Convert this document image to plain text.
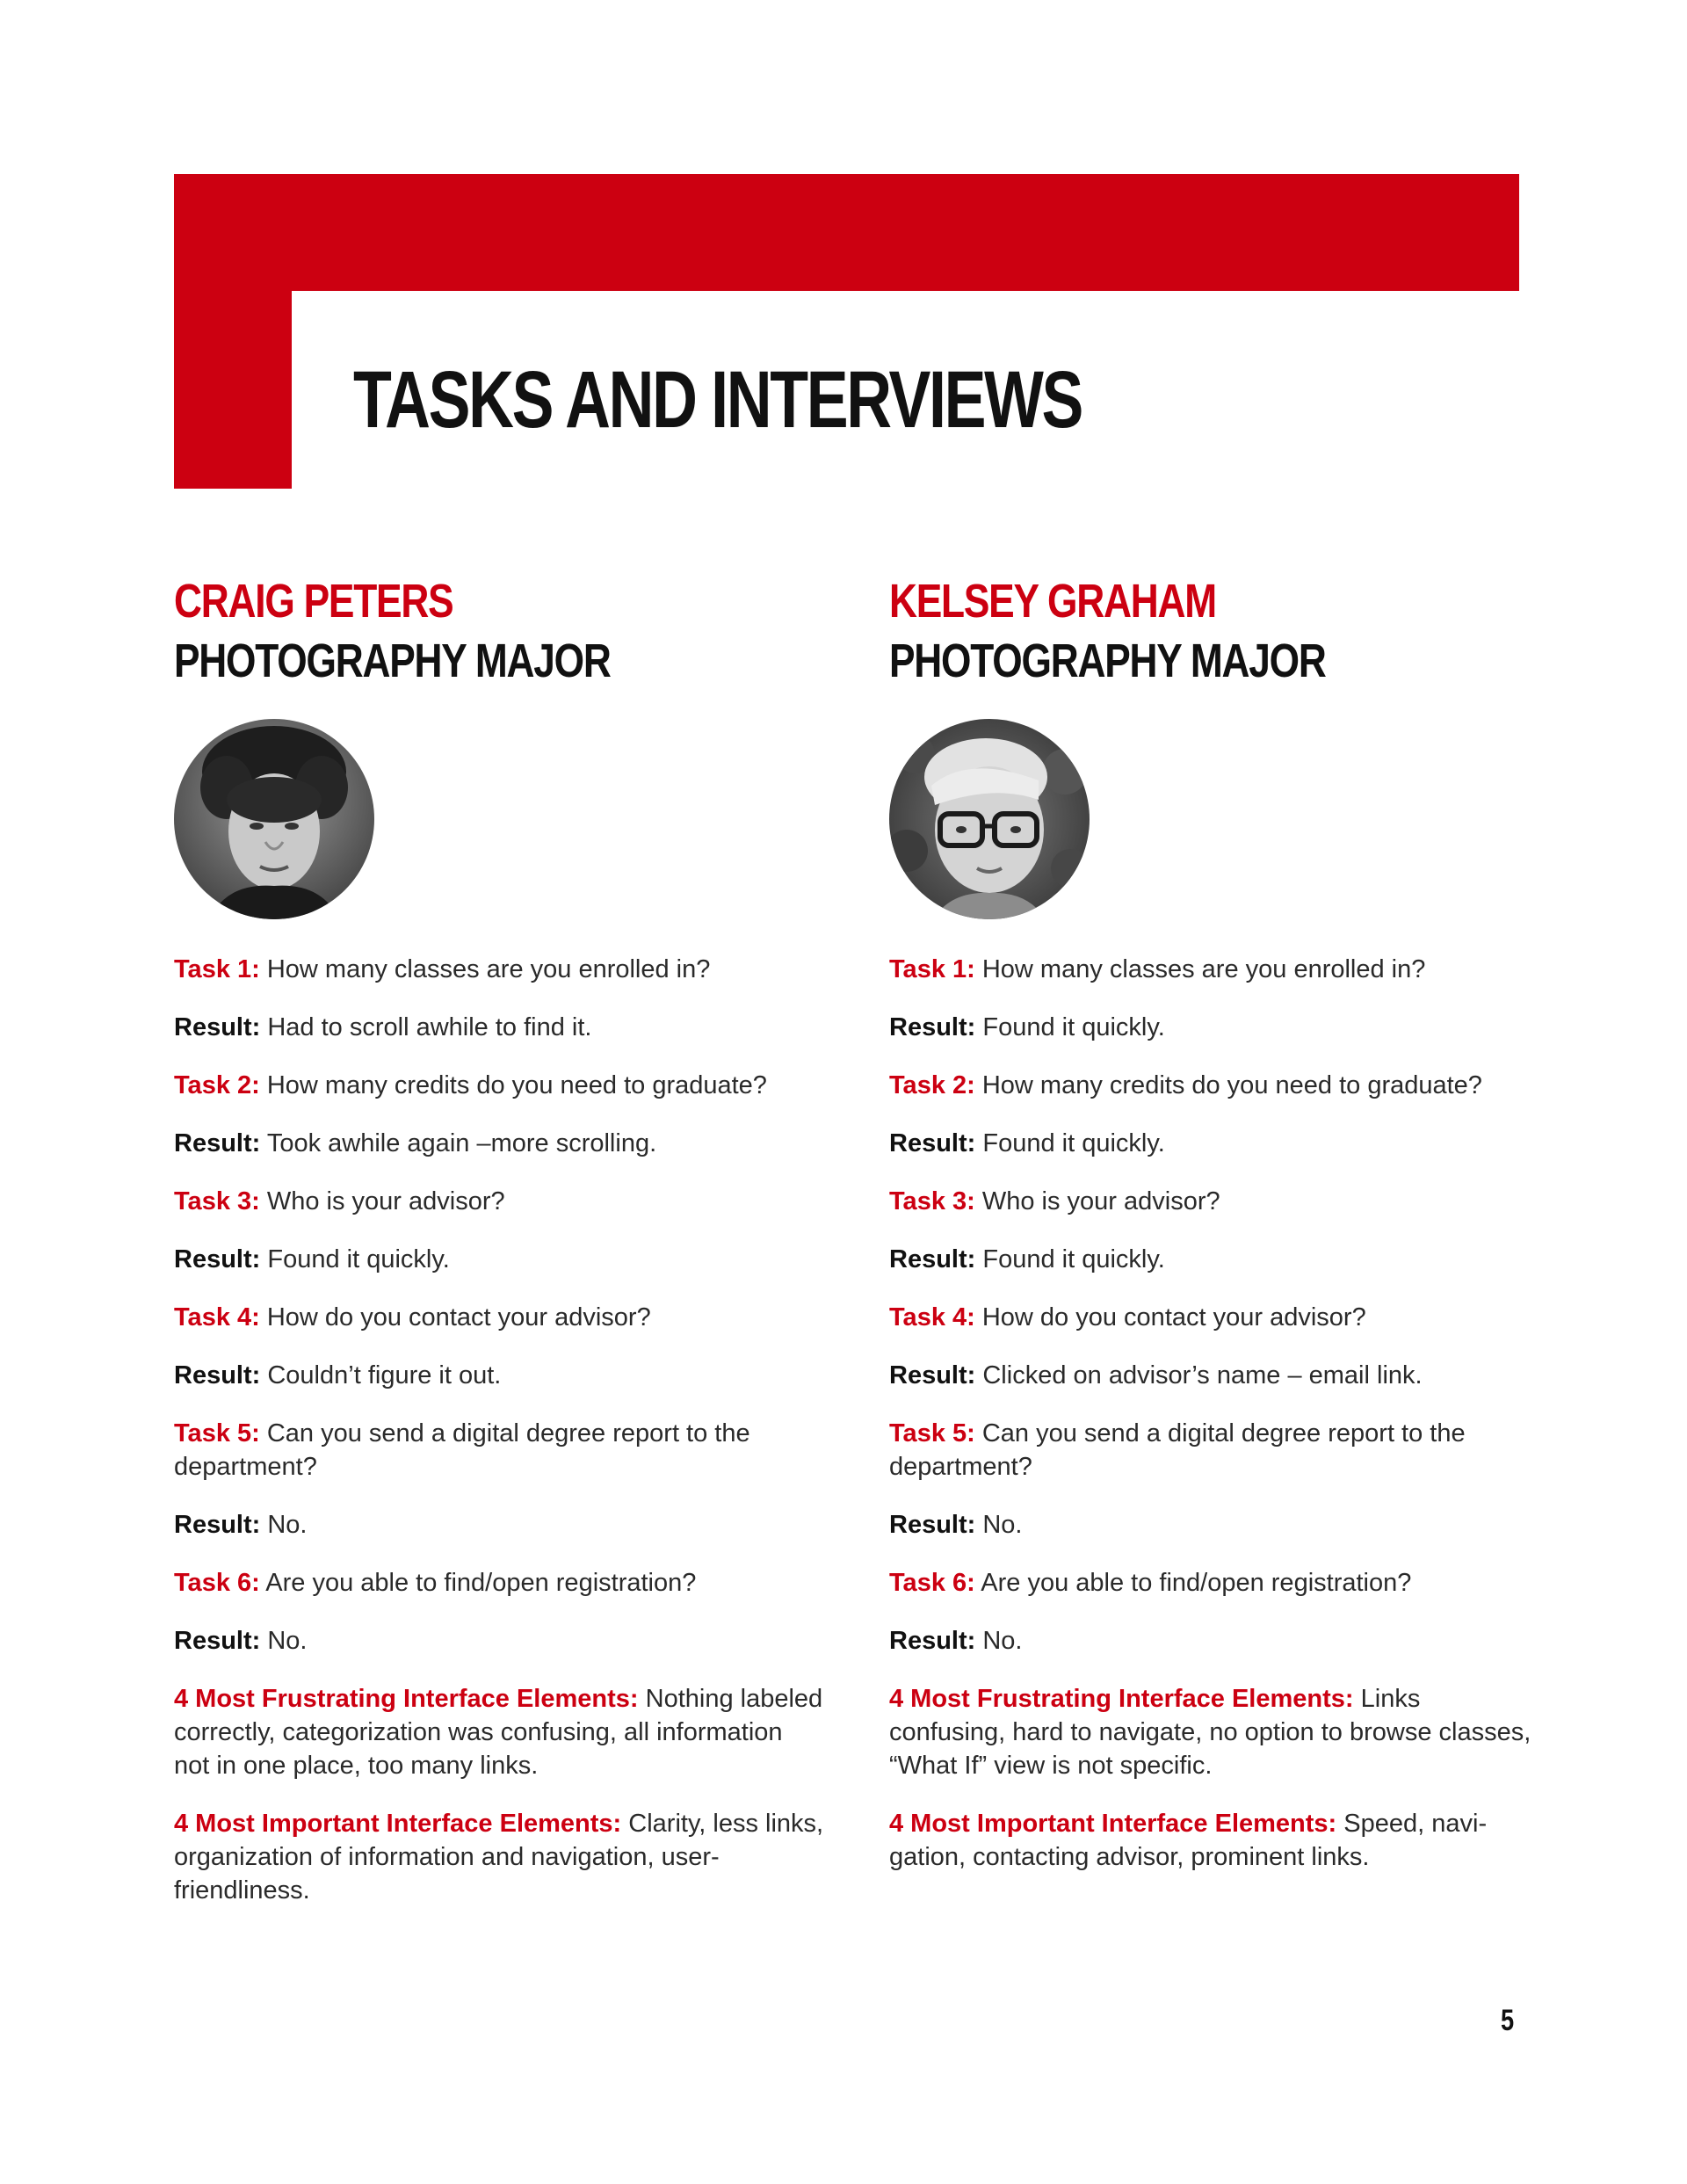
TASKS AND INTERVIEWS
CRAIG PETERS
PHOTOGRAPHY MAJOR

Task 1: How many classes are you enrolled in?

Result: Had to scroll awhile to find it.

Task 2: How many credits do you need to graduate?

Result: Took awhile again –more scrolling.

Task 3: Who is your advisor?

Result: Found it quickly.

Task 4: How do you contact your advisor?

Result: Couldn’t figure it out.

Task 5: Can you send a digital degree report to the department?

Result: No.

Task 6: Are you able to find/open registration?

Result: No.

4 Most Frustrating Interface Elements: Nothing labeled correctly, categorization was confusing, all information not in one place, too many links.

4 Most Important Interface Elements: Clarity, less links, organization of information and navigation, user-friendliness.

KELSEY GRAHAM
PHOTOGRAPHY MAJOR

Task 1: How many classes are you enrolled in?

Result: Found it quickly.

Task 2: How many credits do you need to graduate?

Result: Found it quickly.

Task 3: Who is your advisor?

Result: Found it quickly.

Task 4: How do you contact your advisor?

Result: Clicked on advisor’s name – email link.

Task 5: Can you send a digital degree report to the department?

Result: No.

Task 6: Are you able to find/open registration?

Result: No.

4 Most Frustrating Interface Elements: Links confusing, hard to navigate, no option to browse classes, “What If” view is not specific.

4 Most Important Interface Elements: Speed, navi-gation, contacting advisor, prominent links.

5
